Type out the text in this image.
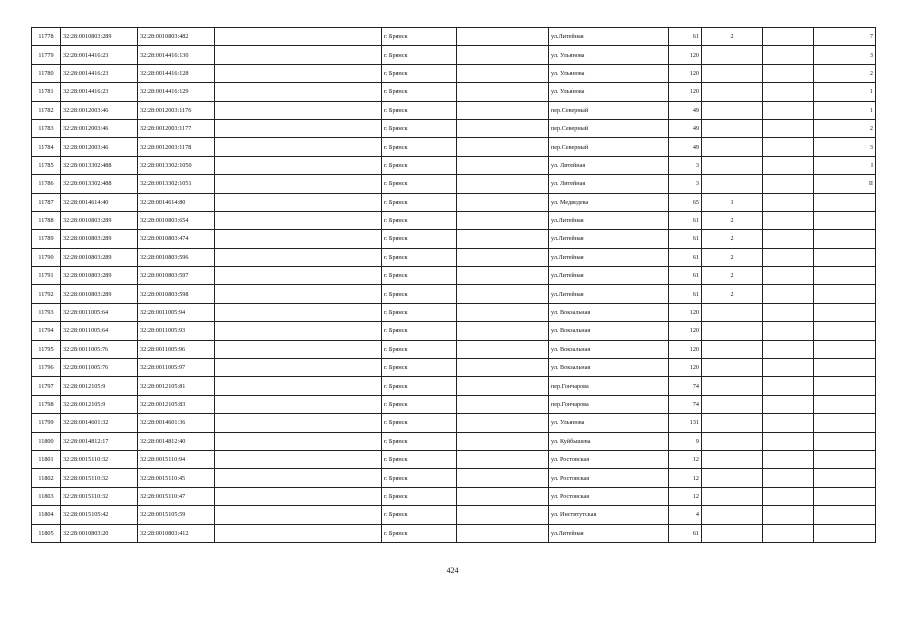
11778	32:28:0010803:289	32:28:0010803:482		г. Брянск		ул.Литейная	61	2		7
11779	32:28:0014416:23	32:28:0014416:130		г. Брянск		ул. Ульянова	120			3
11780	32:28:0014416:23	32:28:0014416:128		г. Брянск		ул. Ульянова	120			2
11781	32:28:0014416:23	32:28:0014416:129		г. Брянск		ул. Ульянова	120			1
11782	32:28:0012003:46	32:28:0012003:1176		г. Брянск		пер.Северный	49			1
11783	32:28:0012003:46	32:28:0012003:1177		г. Брянск		пер.Северный	49			2
11784	32:28:0012003:46	32:28:0012003:1178		г. Брянск		пер.Северный	49			3
11785	32:28:0013302:488	32:28:0013302:1050		г. Брянск		ул. Литейная	3			I
11786	32:28:0013302:488	32:28:0013302:1051		г. Брянск		ул. Литейная	3			II
11787	32:28:0014614:40	32:28:0014614:80		г. Брянск		ул. Медведева	65	1		
11788	32:28:0010803:289	32:28:0010803:654		г. Брянск		ул.Литейная	61	2		
11789	32:28:0010803:289	32:28:0010803:474		г. Брянск		ул.Литейная	61	2		
11790	32:28:0010803:289	32:28:0010803:596		г. Брянск		ул.Литейная	61	2		
11791	32:28:0010803:289	32:28:0010803:597		г. Брянск		ул.Литейная	61	2		
11792	32:28:0010803:289	32:28:0010803:598		г. Брянск		ул.Литейная	61	2		
11793	32:28:0011005:64	32:28:0011005:94		г. Брянск		ул. Вокзальная	120			
11794	32:28:0011005:64	32:28:0011005:93		г. Брянск		ул. Вокзальная	120			
11795	32:28:0011005:76	32:28:0011005:96		г. Брянск		ул. Вокзальная	120			
11796	32:28:0011005:76	32:28:0011005:97		г. Брянск		ул. Вокзальная	120			
11797	32:28:0012105:9	32:28:0012105:81		г. Брянск		пер.Гончарова	74			
11798	32:28:0012105:9	32:28:0012105:83		г. Брянск		пер.Гончарова	74			
11799	32:28:0014601:32	32:28:0014601:36		г. Брянск		ул. Ульянова	131			
11800	32:28:0014812:17	32:28:0014812:40		г. Брянск		ул. Куйбышева	9			
11801	32:28:0015110:32	32:28:0015110:94		г. Брянск		ул. Ростовская	12			
11802	32:28:0015110:32	32:28:0015110:45		г. Брянск		ул. Ростовская	12			
11803	32:28:0015110:32	32:28:0015110:47		г. Брянск		ул. Ростовская	12			
11804	32:28:0015105:42	32:28:0015105:59		г. Брянск		ул. Институтская	4			
11805	32:28:0010803:20	32:28:0010803:412		г. Брянск		ул.Литейная	61			
424
